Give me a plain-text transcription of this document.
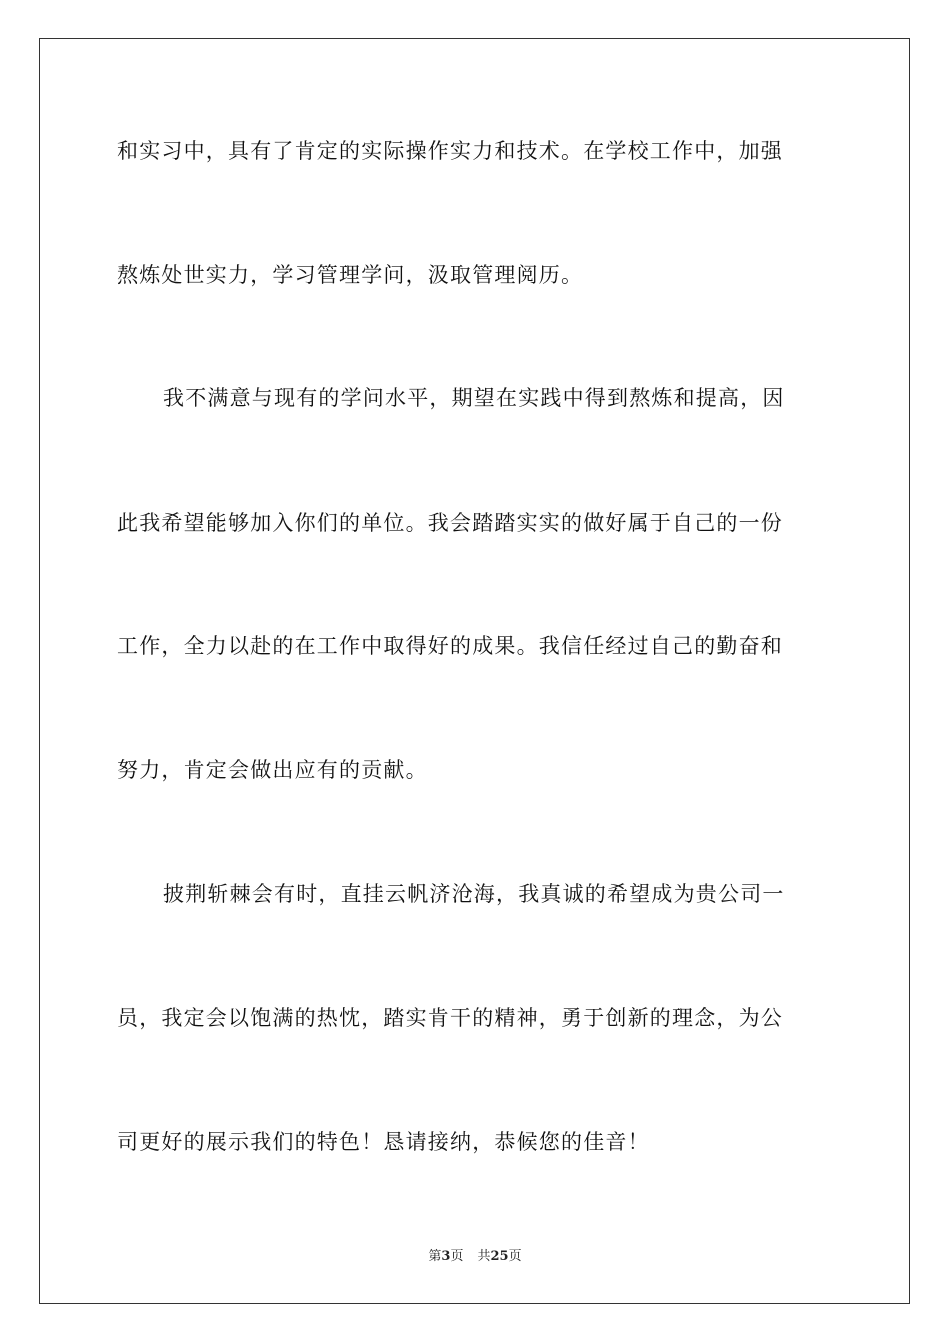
和实习中，具有了肯定的实际操作实力和技术。在学校工作中，加强
熬炼处世实力，学习管理学问，汲取管理阅历。
我不满意与现有的学问水平，期望在实践中得到熬炼和提高，因
此我希望能够加入你们的单位。我会踏踏实实的做好属于自己的一份
工作，全力以赴的在工作中取得好的成果。我信任经过自己的勤奋和
努力，肯定会做出应有的贡献。
披荆斩棘会有时，直挂云帆济沧海，我真诚的希望成为贵公司一
员，我定会以饱满的热忱，踏实肯干的精神，勇于创新的理念，为公
司更好的展示我们的特色！恳请接纳，恭候您的佳音！
第3页 共25页
